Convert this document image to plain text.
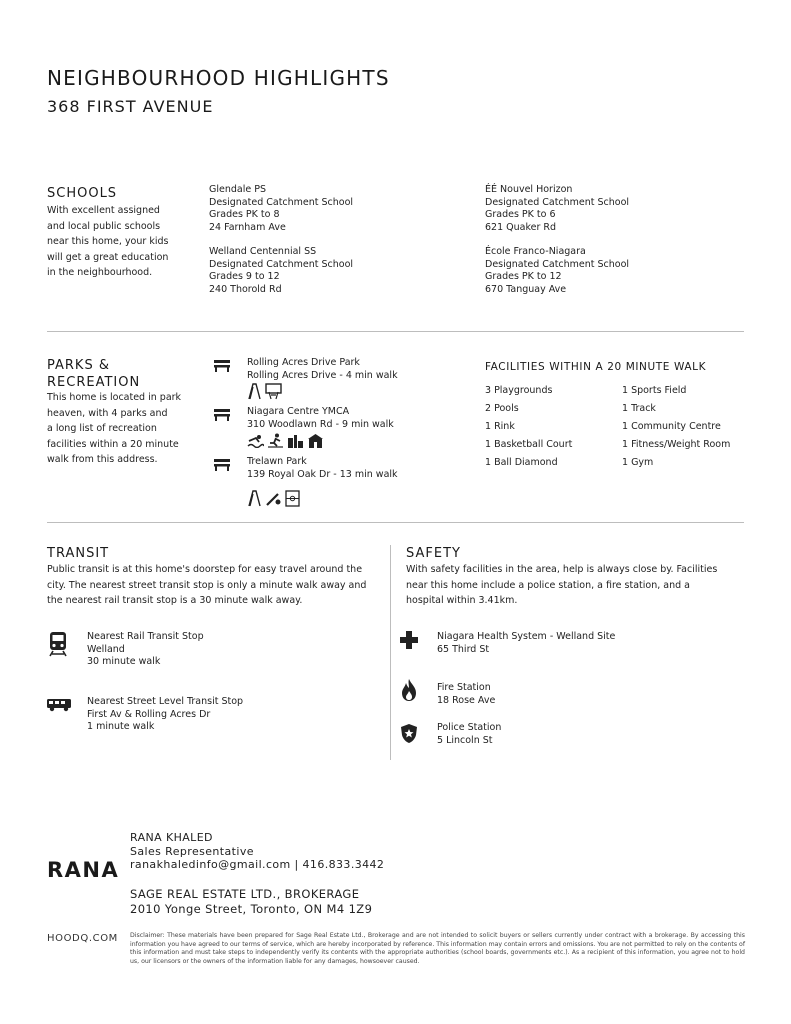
NEIGHBOURHOOD HIGHLIGHTS
368 FIRST AVENUE
SCHOOLS
With excellent assigned
and local public schools
near this home, your kids
will get a great education
in the neighbourhood.
Glendale PS
Designated Catchment School
Grades PK to 8
24 Farnham Ave
Welland Centennial SS
Designated Catchment School
Grades 9 to 12
240 Thorold Rd
ÉÉ Nouvel Horizon
Designated Catchment School
Grades PK to 6
621 Quaker Rd
École Franco-Niagara
Designated Catchment School
Grades PK to 12
670 Tanguay Ave
PARKS &
RECREATION
This home is located in park
heaven, with 4 parks and
a long list of recreation
facilities within a 20 minute
walk from this address.
Rolling Acres Drive Park
Rolling Acres Drive - 4 min walk
Niagara Centre YMCA
310 Woodlawn Rd - 9 min walk
Trelawn Park
139 Royal Oak Dr - 13 min walk
FACILITIES WITHIN A 20 MINUTE WALK
3 Playgrounds
2 Pools
1 Rink
1 Basketball Court
1 Ball Diamond
1 Sports Field
1 Track
1 Community Centre
1 Fitness/Weight Room
1 Gym
TRANSIT
Public transit is at this home's doorstep for easy travel around the
city. The nearest street transit stop is only a minute walk away and
the nearest rail transit stop is a 30 minute walk away.
Nearest Rail Transit Stop
Welland
30 minute walk
Nearest Street Level Transit Stop
First Av & Rolling Acres Dr
1 minute walk
SAFETY
With safety facilities in the area, help is always close by. Facilities
near this home include a police station, a fire station, and a
hospital within 3.41km.
Niagara Health System - Welland Site
65 Third St
Fire Station
18 Rose Ave
Police Station
5 Lincoln St
RANA
RANA KHALED
Sales Representative
ranakhaledinfo@gmail.com | 416.833.3442
SAGE REAL ESTATE LTD., BROKERAGE
2010 Yonge Street, Toronto, ON M4 1Z9
HOODQ.COM Disclaimer: These materials have been prepared for Sage Real Estate Ltd., Brokerage and are not intended to solicit buyers or sellers currently under contract with a brokerage. By accessing this information you have agreed to our terms of service, which are hereby incorporated by reference. This information may contain errors and omissions. You are not permitted to rely on the contents of this information and must take steps to independently verify its contents with the appropriate authorities (school boards, governments etc.). As a recipient of this information, you agree not to hold us, our licensors or the owners of the information liable for any damages, howsoever caused.
